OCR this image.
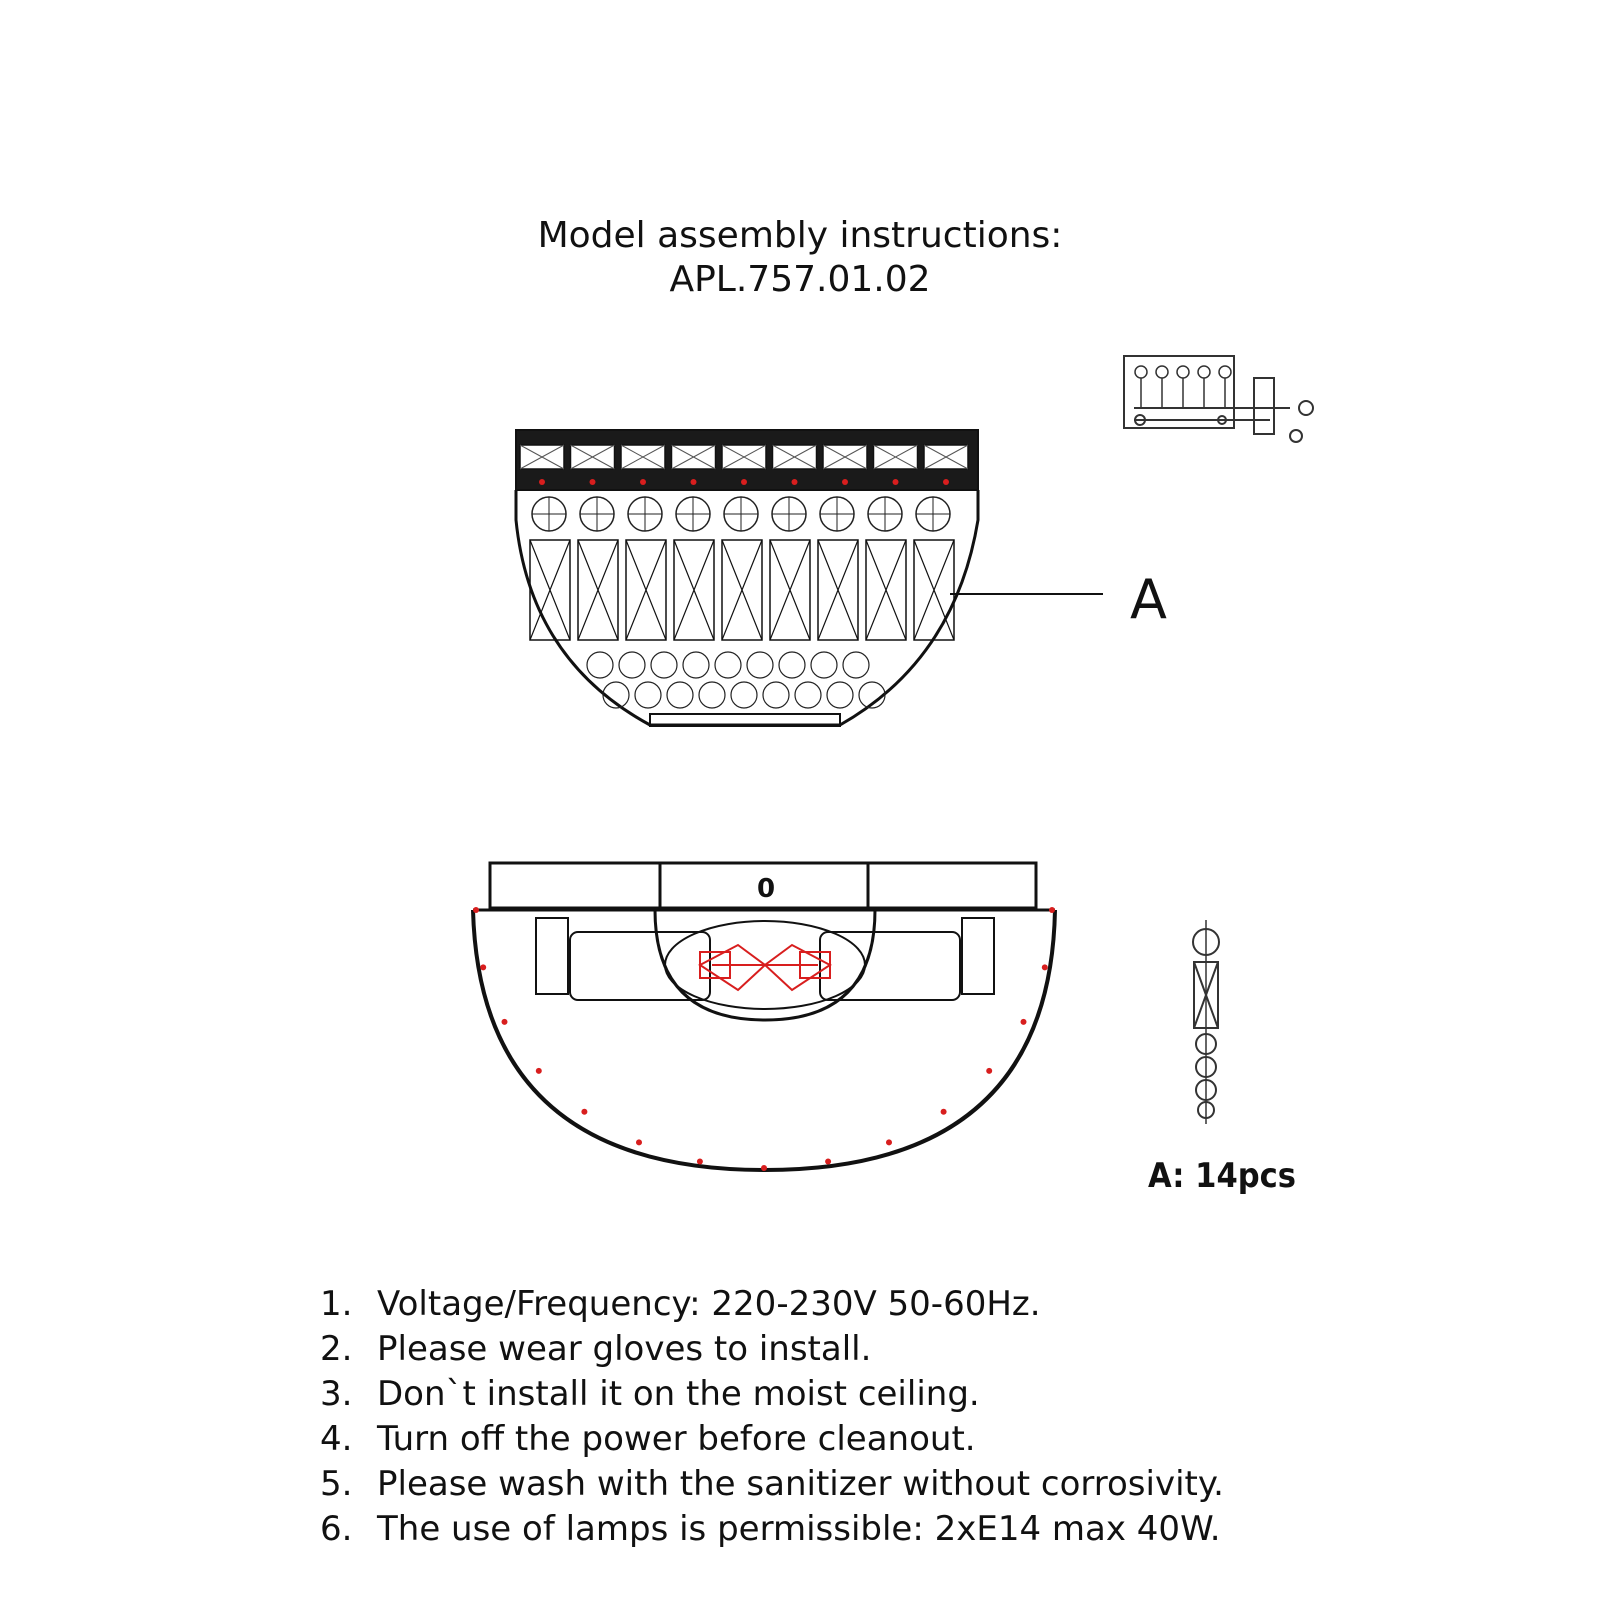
Model assembly instructions:
APL.757.01.02
A
0
A: 14pcs
1. Voltage/Frequency: 220-230V 50-60Hz.
2. Please wear gloves to install.
3. Don`t install it on the moist ceiling.
4. Turn off the power before cleanout.
5. Please wash with the sanitizer without corrosivity.
6. The use of lamps is permissible: 2xE14 max 40W.
